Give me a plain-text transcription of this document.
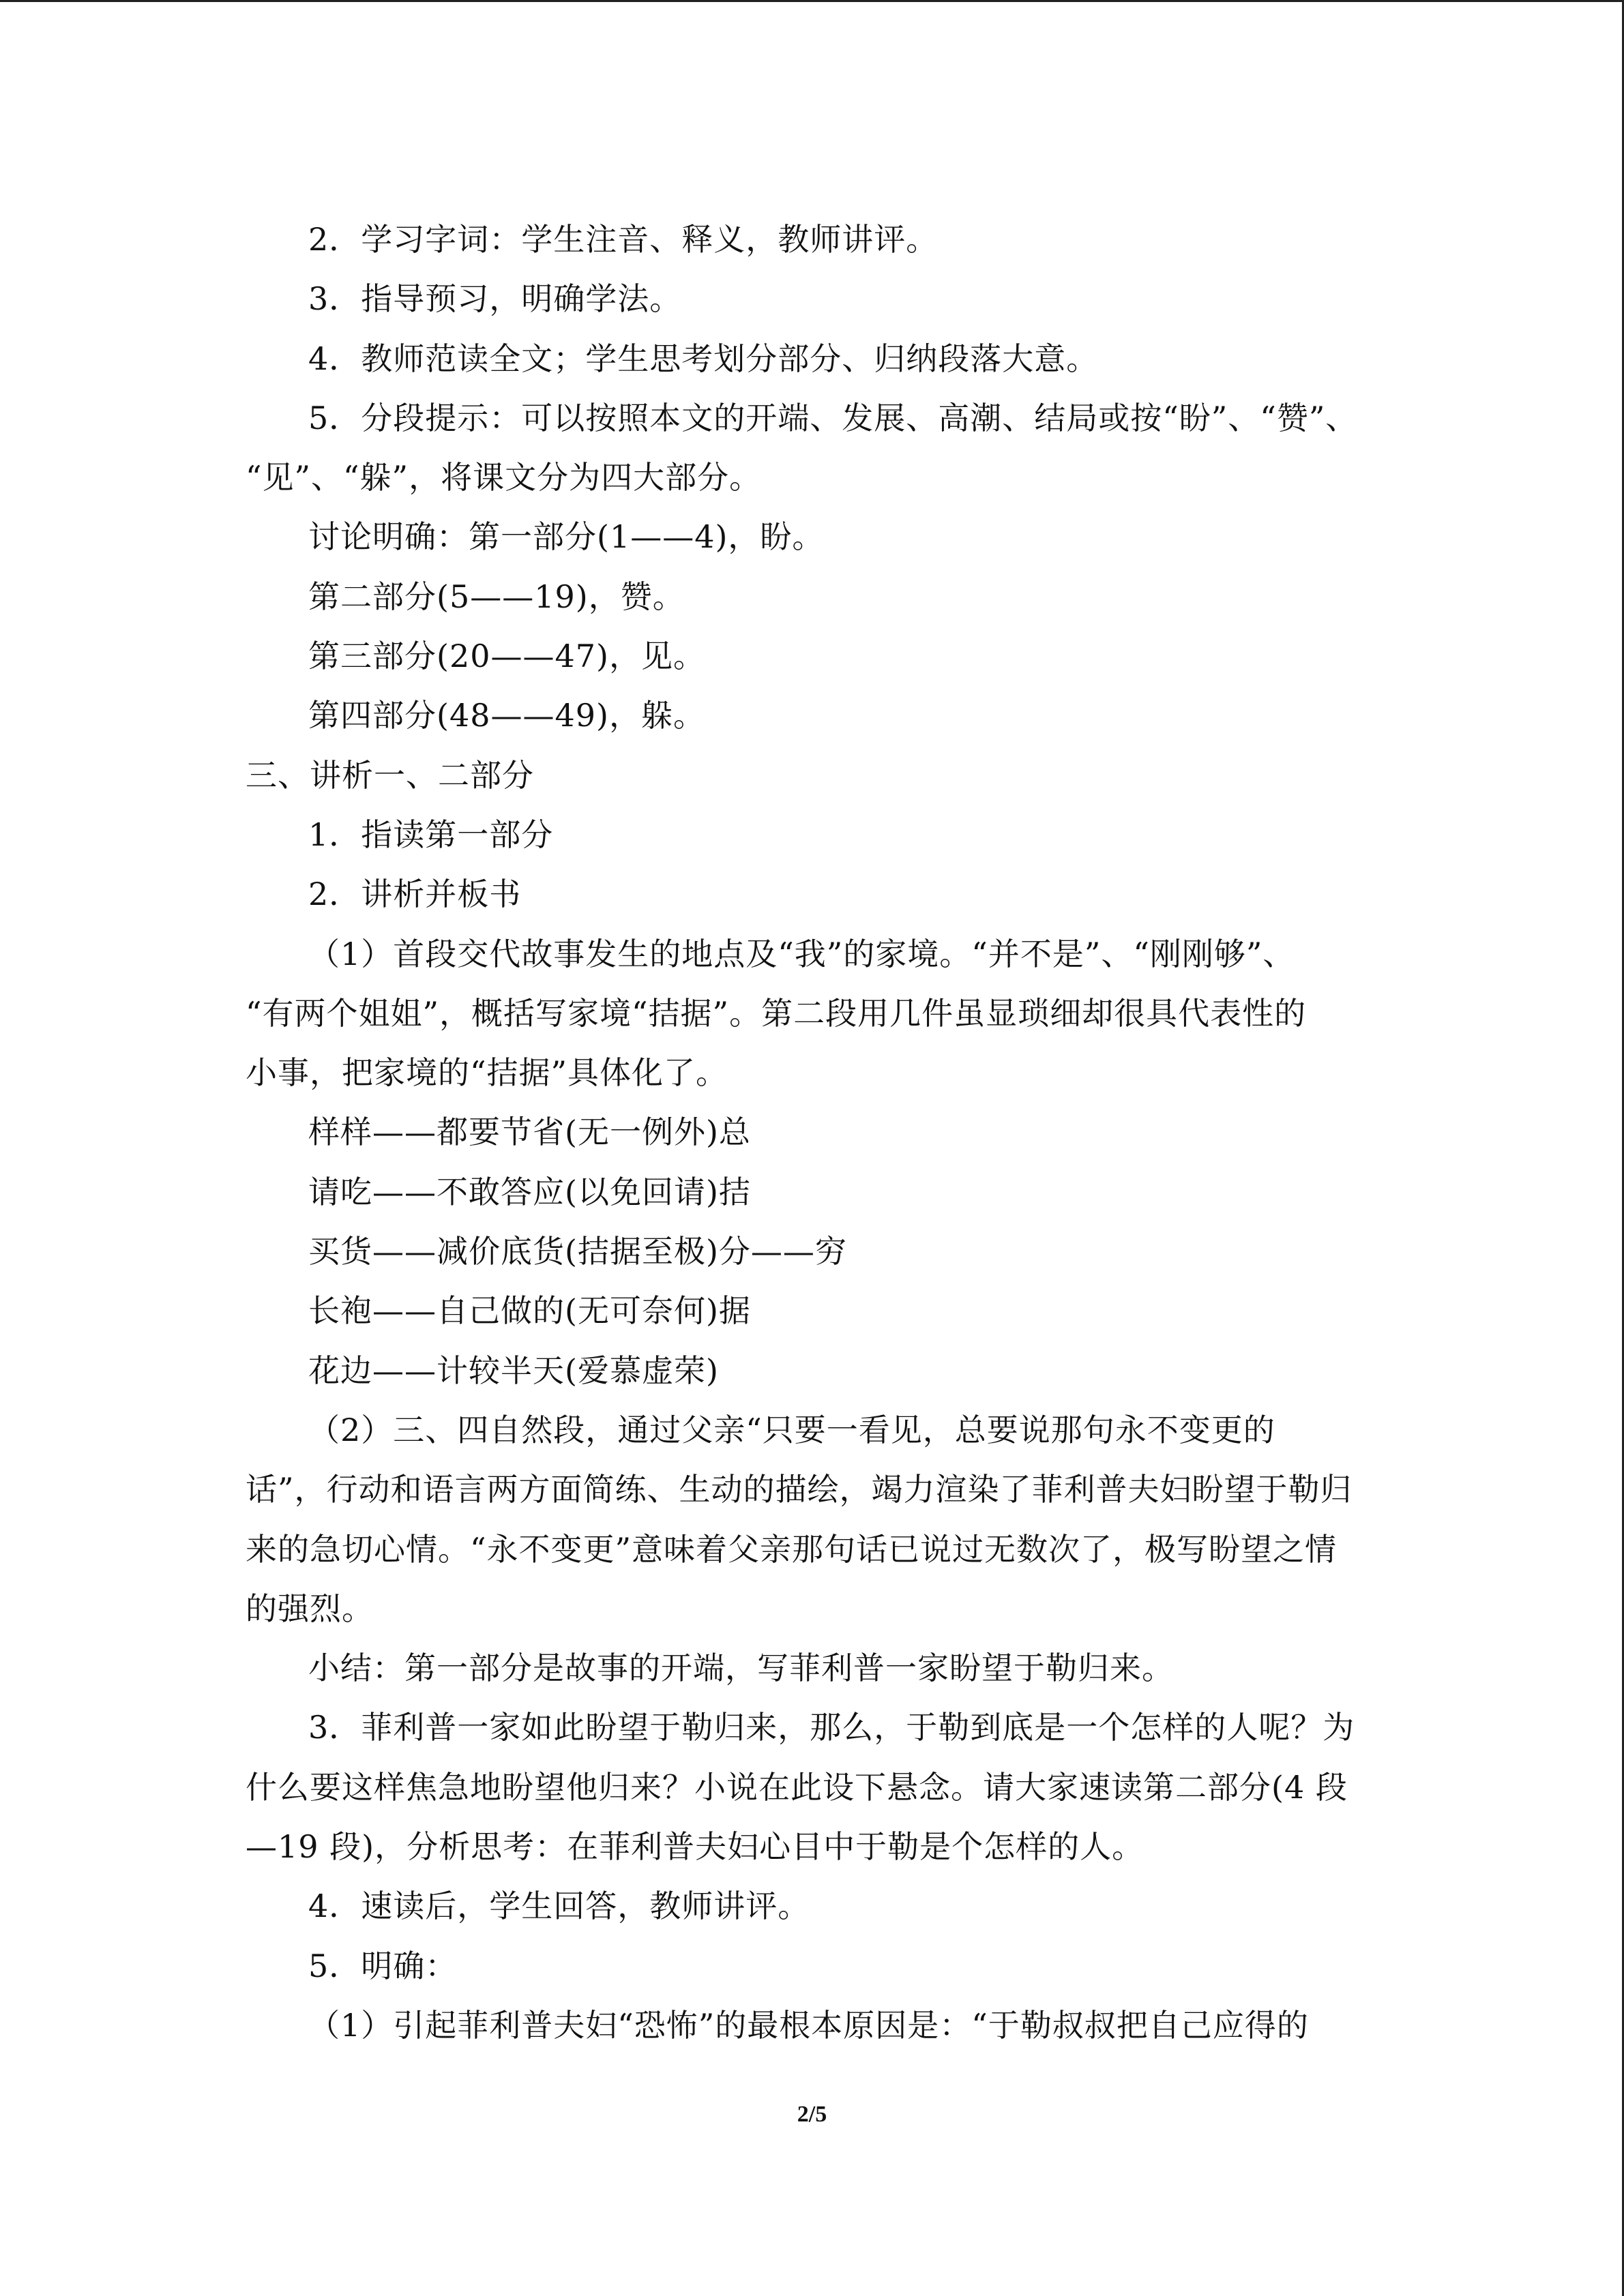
2．学习字词：学生注音、释义，教师讲评。
3．指导预习，明确学法。
4．教师范读全文；学生思考划分部分、归纳段落大意。
5．分段提示：可以按照本文的开端、发展、高潮、结局或按“盼”、“赞”、
“见”、“躲”，将课文分为四大部分。
讨论明确：第一部分(1——4)，盼。
第二部分(5——19)，赞。
第三部分(20——47)，见。
第四部分(48——49)，躲。
三、讲析一、二部分
1．指读第一部分
2．讲析并板书
（1）首段交代故事发生的地点及“我”的家境。“并不是”、“刚刚够”、
“有两个姐姐”，概括写家境“拮据”。第二段用几件虽显琐细却很具代表性的
小事，把家境的“拮据”具体化了。
样样——都要节省(无一例外)总
请吃——不敢答应(以免回请)拮
买货——减价底货(拮据至极)分——穷
长袍——自己做的(无可奈何)据
花边——计较半天(爱慕虚荣)
（2）三、四自然段，通过父亲“只要一看见，总要说那句永不变更的
话”，行动和语言两方面简练、生动的描绘，竭力渲染了菲利普夫妇盼望于勒归
来的急切心情。“永不变更”意味着父亲那句话已说过无数次了，极写盼望之情
的强烈。
小结：第一部分是故事的开端，写菲利普一家盼望于勒归来。
3．菲利普一家如此盼望于勒归来，那么，于勒到底是一个怎样的人呢？为
什么要这样焦急地盼望他归来？小说在此设下悬念。请大家速读第二部分(4 段
—19 段)，分析思考：在菲利普夫妇心目中于勒是个怎样的人。
4．速读后，学生回答，教师讲评。
5．明确：
（1）引起菲利普夫妇“恐怖”的最根本原因是：“于勒叔叔把自己应得的
2/5
